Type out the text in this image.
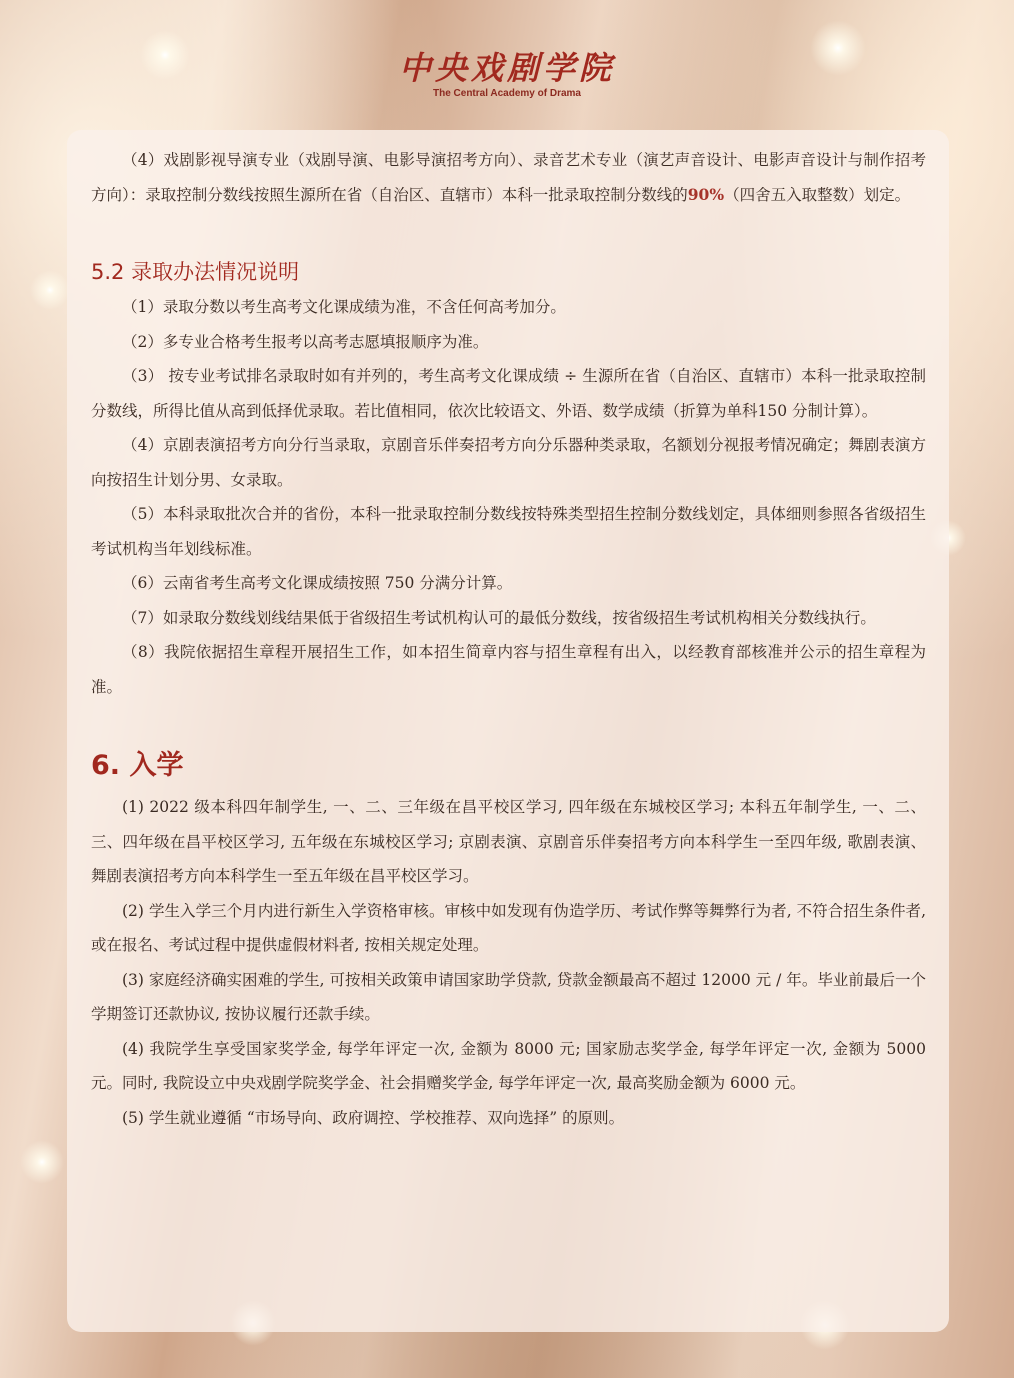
中央戏剧学院
The Central Academy of Drama

（4）戏剧影视导演专业（戏剧导演、电影导演招考方向）、录音艺术专业（演艺声音设计、电影声音设计与制作招考方向）：录取控制分数线按照生源所在省（自治区、直辖市）本科一批录取控制分数线的90%（四舍五入取整数）划定。

5.2 录取办法情况说明

（1）录取分数以考生高考文化课成绩为准，不含任何高考加分。

（2）多专业合格考生报考以高考志愿填报顺序为准。

（3） 按专业考试排名录取时如有并列的，考生高考文化课成绩 ÷ 生源所在省（自治区、直辖市）本科一批录取控制分数线，所得比值从高到低择优录取。若比值相同，依次比较语文、外语、数学成绩（折算为单科150 分制计算）。

（4）京剧表演招考方向分行当录取，京剧音乐伴奏招考方向分乐器种类录取，名额划分视报考情况确定；舞剧表演方向按招生计划分男、女录取。

（5）本科录取批次合并的省份，本科一批录取控制分数线按特殊类型招生控制分数线划定，具体细则参照各省级招生考试机构当年划线标准。

（6）云南省考生高考文化课成绩按照 750 分满分计算。

（7）如录取分数线划线结果低于省级招生考试机构认可的最低分数线，按省级招生考试机构相关分数线执行。

（8）我院依据招生章程开展招生工作，如本招生简章内容与招生章程有出入，以经教育部核准并公示的招生章程为准。

6. 入学

(1) 2022 级本科四年制学生, 一、二、三年级在昌平校区学习, 四年级在东城校区学习; 本科五年制学生, 一、二、三、四年级在昌平校区学习, 五年级在东城校区学习; 京剧表演、京剧音乐伴奏招考方向本科学生一至四年级, 歌剧表演、舞剧表演招考方向本科学生一至五年级在昌平校区学习。

(2) 学生入学三个月内进行新生入学资格审核。审核中如发现有伪造学历、考试作弊等舞弊行为者, 不符合招生条件者, 或在报名、考试过程中提供虚假材料者, 按相关规定处理。

(3) 家庭经济确实困难的学生, 可按相关政策申请国家助学贷款, 贷款金额最高不超过 12000 元 / 年。毕业前最后一个学期签订还款协议, 按协议履行还款手续。

(4) 我院学生享受国家奖学金, 每学年评定一次, 金额为 8000 元; 国家励志奖学金, 每学年评定一次, 金额为 5000 元。同时, 我院设立中央戏剧学院奖学金、社会捐赠奖学金, 每学年评定一次, 最高奖励金额为 6000 元。

(5) 学生就业遵循 “市场导向、政府调控、学校推荐、双向选择” 的原则。
